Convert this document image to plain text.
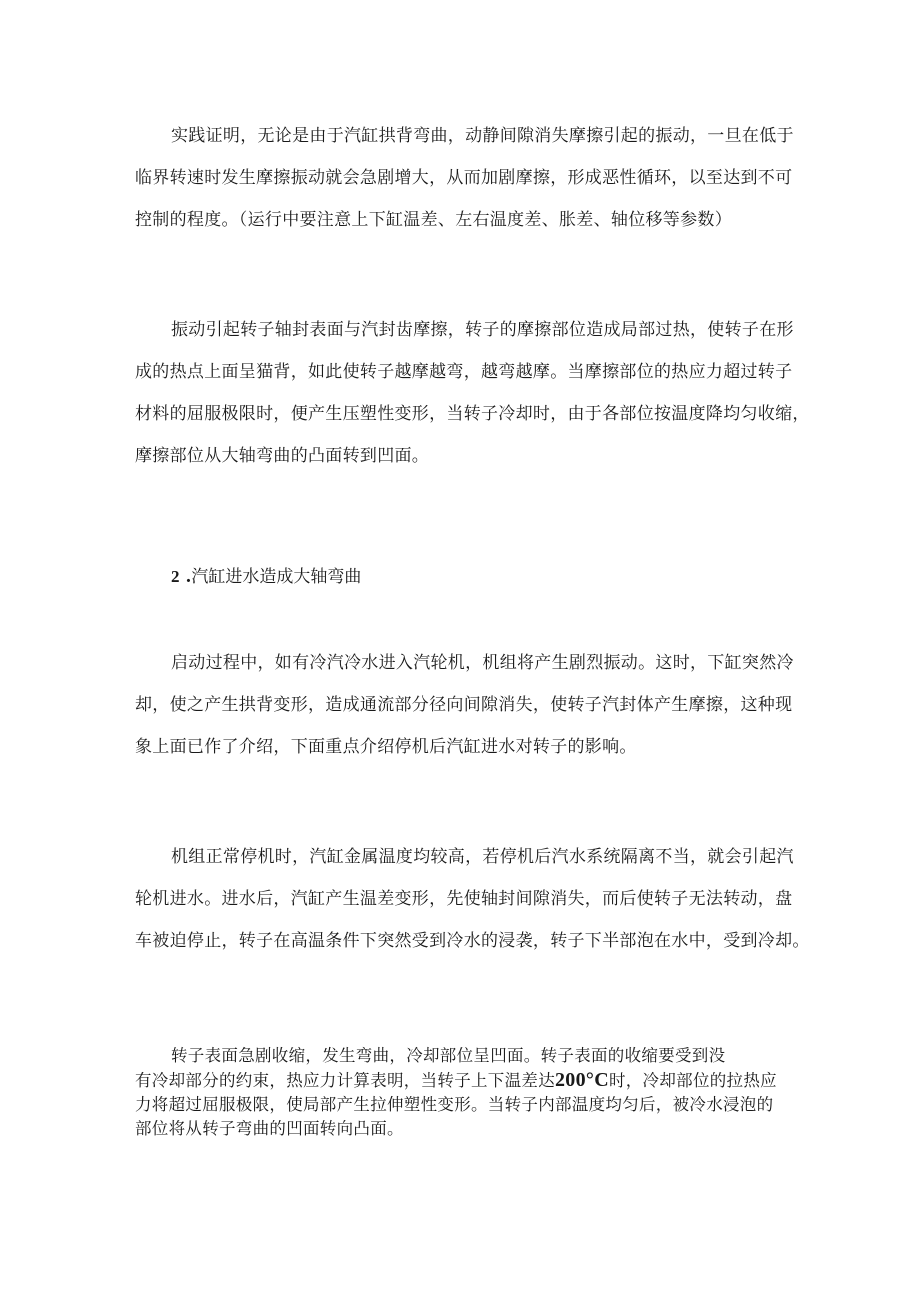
实践证明，无论是由于汽缸拱背弯曲，动静间隙消失摩擦引起的振动，一旦在低于
临界转速时发生摩擦振动就会急剧增大，从而加剧摩擦，形成恶性循环，以至达到不可
控制的程度。（运行中要注意上下缸温差、左右温度差、胀差、轴位移等参数）
振动引起转子轴封表面与汽封齿摩擦，转子的摩擦部位造成局部过热，使转子在形
成的热点上面呈猫背，如此使转子越摩越弯，越弯越摩。当摩擦部位的热应力超过转子
材料的屈服极限时，便产生压塑性变形，当转子冷却时，由于各部位按温度降均匀收缩，
摩擦部位从大轴弯曲的凸面转到凹面。
2 .汽缸进水造成大轴弯曲
启动过程中，如有冷汽冷水进入汽轮机，机组将产生剧烈振动。这时，下缸突然冷
却，使之产生拱背变形，造成通流部分径向间隙消失，使转子汽封体产生摩擦，这种现
象上面已作了介绍，下面重点介绍停机后汽缸进水对转子的影响。
机组正常停机时，汽缸金属温度均较高，若停机后汽水系统隔离不当，就会引起汽
轮机进水。进水后，汽缸产生温差变形，先使轴封间隙消失，而后使转子无法转动，盘
车被迫停止，转子在高温条件下突然受到冷水的浸袭，转子下半部泡在水中，受到冷却。
转子表面急剧收缩，发生弯曲，冷却部位呈凹面。转子表面的收缩要受到没
有冷却部分的约束，热应力计算表明，当转子上下温差达200°C时，冷却部位的拉热应
力将超过屈服极限，使局部产生拉伸塑性变形。当转子内部温度均匀后，被冷水浸泡的
部位将从转子弯曲的凹面转向凸面。
